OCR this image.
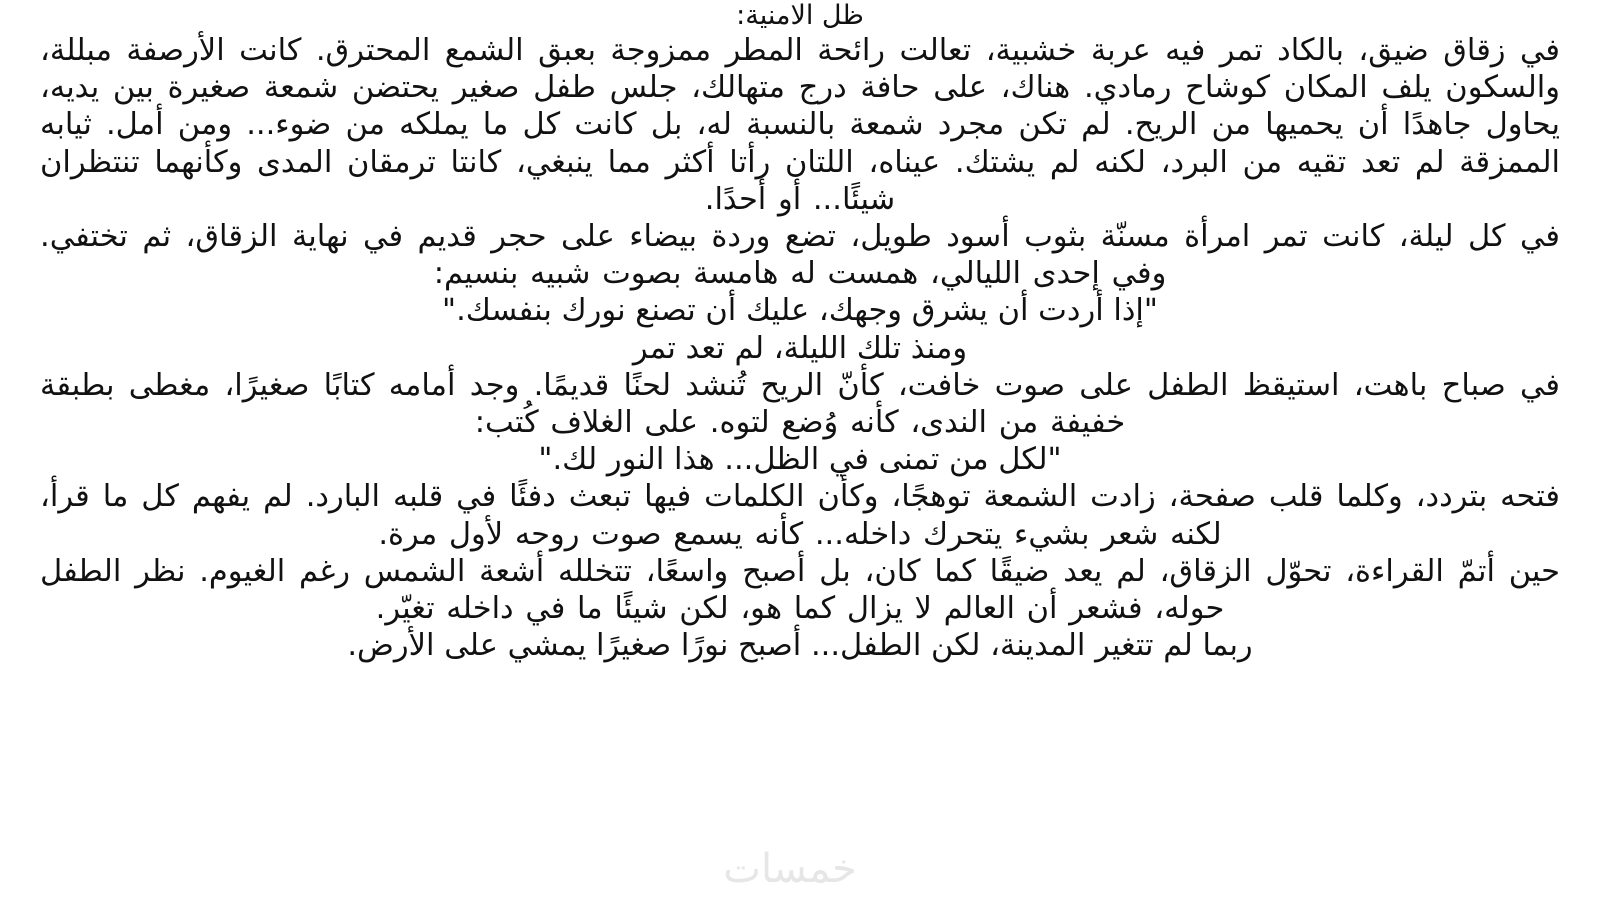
ظل الامنية:

في زقاق ضيق، بالكاد تمر فيه عربة خشبية، تعالت رائحة المطر ممزوجة بعبق الشمع المحترق. كانت الأرصفة مبللة، والسكون يلف المكان كوشاح رمادي. هناك، على حافة درج متهالك، جلس طفل صغير يحتضن شمعة صغيرة بين يديه، يحاول جاهدًا أن يحميها من الريح. لم تكن مجرد شمعة بالنسبة له، بل كانت كل ما يملكه من ضوء... ومن أمل. ثيابه الممزقة لم تعد تقيه من البرد، لكنه لم يشتك. عيناه، اللتان رأتا أكثر مما ينبغي، كانتا ترمقان المدى وكأنهما تنتظران شيئًا... أو أحدًا.

في كل ليلة، كانت تمر امرأة مسنّة بثوب أسود طويل، تضع وردة بيضاء على حجر قديم في نهاية الزقاق، ثم تختفي. وفي إحدى الليالي، همست له هامسة بصوت شبيه بنسيم:

"إذا أردت أن يشرق وجهك، عليك أن تصنع نورك بنفسك."

ومنذ تلك الليلة، لم تعد تمر

في صباح باهت، استيقظ الطفل على صوت خافت، كأنّ الريح تُنشد لحنًا قديمًا. وجد أمامه كتابًا صغيرًا، مغطى بطبقة خفيفة من الندى، كأنه وُضع لتوه. على الغلاف كُتب:

"لكل من تمنى في الظل... هذا النور لك."

فتحه بتردد، وكلما قلب صفحة، زادت الشمعة توهجًا، وكأن الكلمات فيها تبعث دفئًا في قلبه البارد. لم يفهم كل ما قرأ، لكنه شعر بشيء يتحرك داخله... كأنه يسمع صوت روحه لأول مرة.

حين أتمّ القراءة، تحوّل الزقاق، لم يعد ضيقًا كما كان، بل أصبح واسعًا، تتخلله أشعة الشمس رغم الغيوم. نظر الطفل حوله، فشعر أن العالم لا يزال كما هو، لكن شيئًا ما في داخله تغيّر.

ربما لم تتغير المدينة، لكن الطفل... أصبح نورًا صغيرًا يمشي على الأرض.

خمسات
